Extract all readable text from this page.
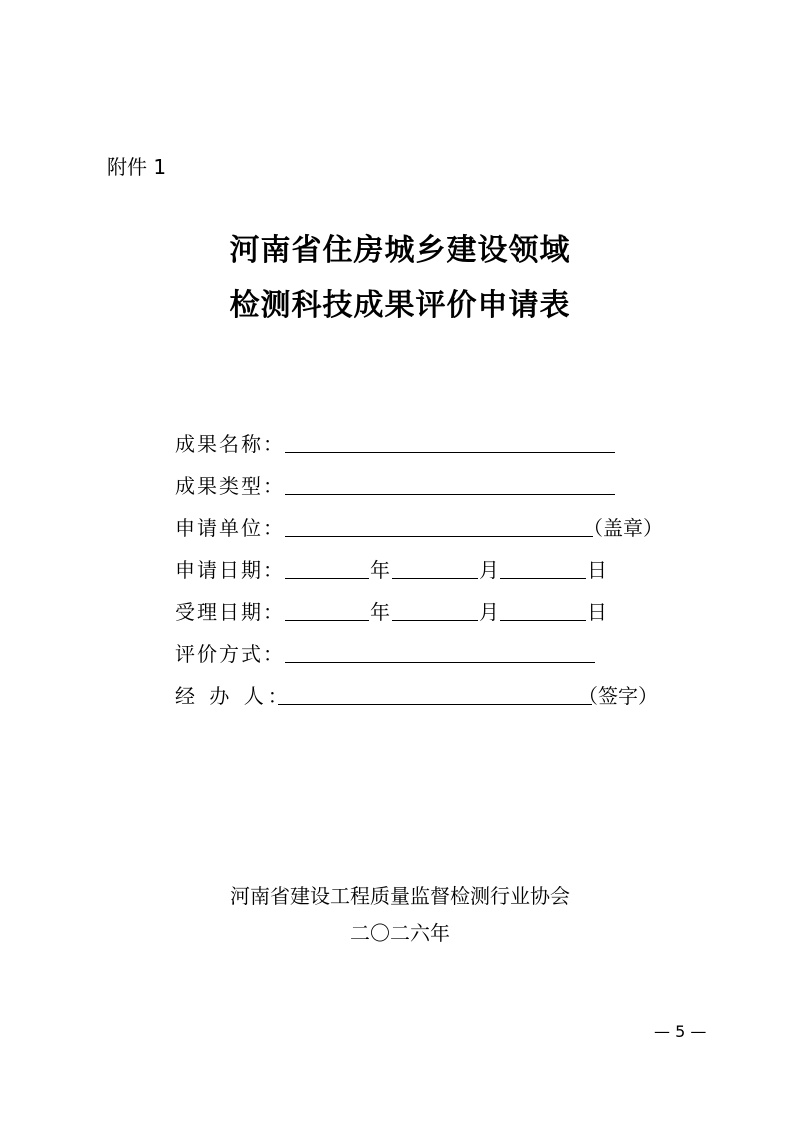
附件 1
河南省住房城乡建设领域
检测科技成果评价申请表
成果名称：
成果类型：
申请单位：	（盖章）
申请日期：	年	月	日
受理日期：	年	月	日
评价方式：
经 办 人：	（签字）
河南省建设工程质量监督检测行业协会
二〇二六年
— 5 —
